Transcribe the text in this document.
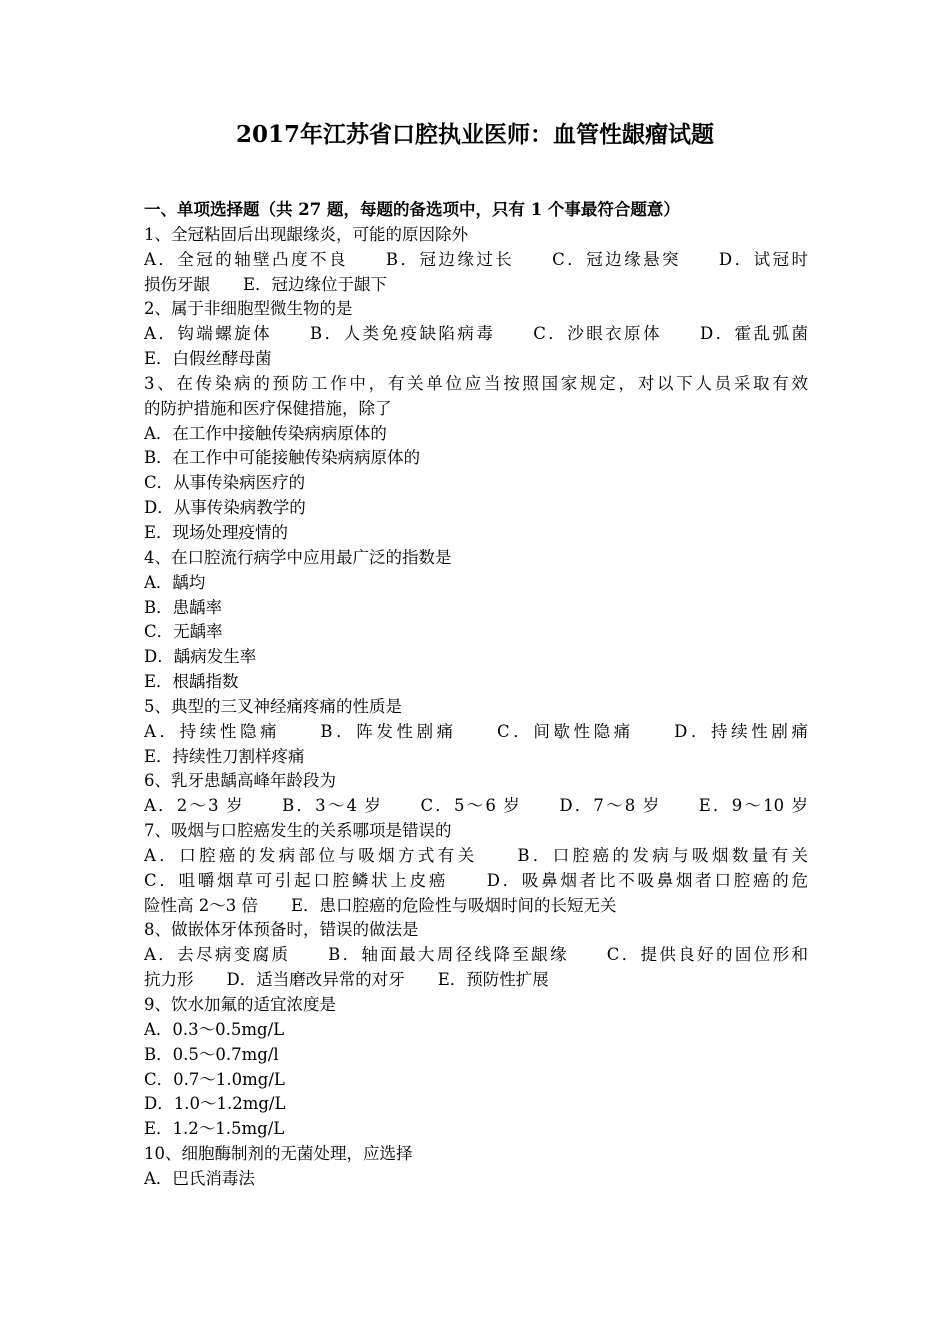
2017年江苏省口腔执业医师：血管性龈瘤试题
一、单项选择题（共 27 题，每题的备选项中，只有 1 个事最符合题意）
1、全冠粘固后出现龈缘炎，可能的原因除外
A．全冠的轴壁凸度不良　　B．冠边缘过长　　C．冠边缘悬突　　D．试冠时
损伤牙龈　　E．冠边缘位于龈下
2、属于非细胞型微生物的是
A．钩端螺旋体　　B．人类免疫缺陷病毒　　C．沙眼衣原体　　D．霍乱弧菌
E．白假丝酵母菌
3、在传染病的预防工作中，有关单位应当按照国家规定，对以下人员采取有效
的防护措施和医疗保健措施，除了
A．在工作中接触传染病病原体的
B．在工作中可能接触传染病病原体的
C．从事传染病医疗的
D．从事传染病教学的
E．现场处理疫情的
4、在口腔流行病学中应用最广泛的指数是
A．龋均
B．患龋率
C．无龋率
D．龋病发生率
E．根龋指数
5、典型的三叉神经痛疼痛的性质是
A．持续性隐痛　　B．阵发性剧痛　　C．间歇性隐痛　　D．持续性剧痛
E．持续性刀割样疼痛
6、乳牙患龋高峰年龄段为
A．2～3 岁　　B．3～4 岁　　C．5～6 岁　　D．7～8 岁　　E．9～10 岁
7、吸烟与口腔癌发生的关系哪项是错误的
A．口腔癌的发病部位与吸烟方式有关　　B．口腔癌的发病与吸烟数量有关
C．咀嚼烟草可引起口腔鳞状上皮癌　　D．吸鼻烟者比不吸鼻烟者口腔癌的危
险性高 2～3 倍　　E．患口腔癌的危险性与吸烟时间的长短无关
8、做嵌体牙体预备时，错误的做法是
A．去尽病变腐质　　B．轴面最大周径线降至龈缘　　C．提供良好的固位形和
抗力形　　D．适当磨改异常的对牙　　E．预防性扩展
9、饮水加氟的适宜浓度是
A．0.3～0.5mg/L
B．0.5～0.7mg/l
C．0.7～1.0mg/L
D．1.0～1.2mg/L
E．1.2～1.5mg/L
10、细胞酶制剂的无菌处理，应选择
A．巴氏消毒法
